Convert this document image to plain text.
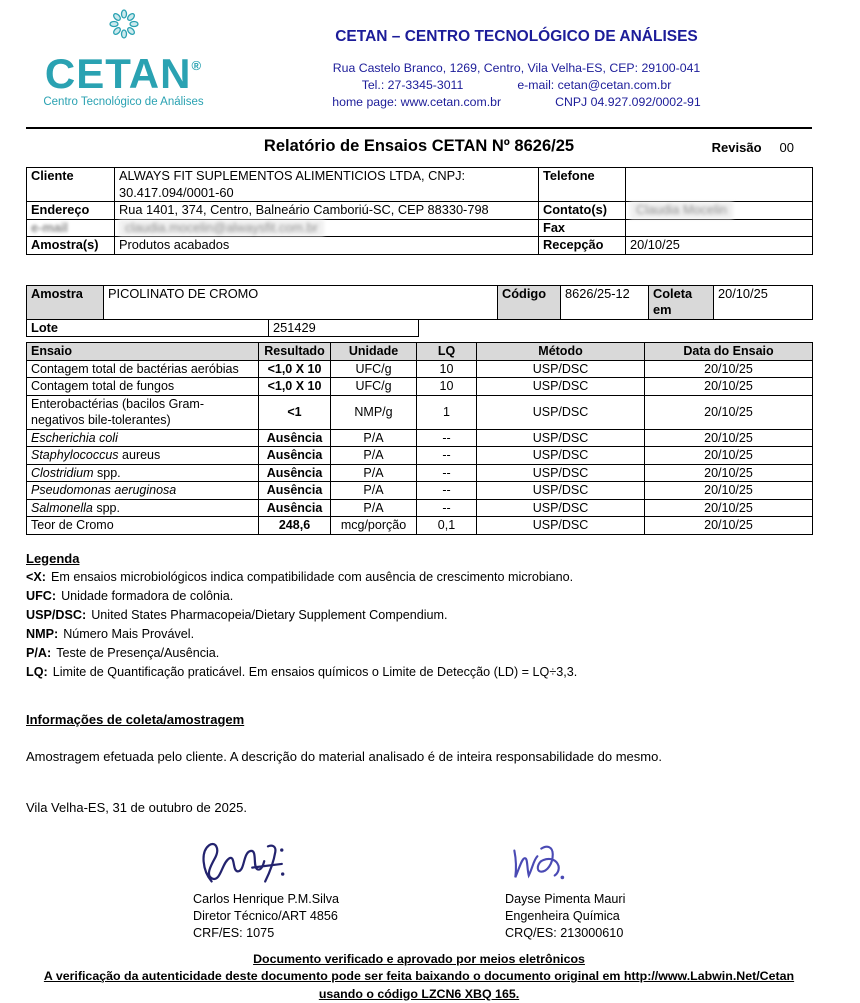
CETAN®
Centro Tecnológico de Análises
CETAN – CENTRO TECNOLÓGICO DE ANÁLISES
Rua Castelo Branco, 1269, Centro, Vila Velha-ES, CEP: 29100-041
Tel.: 27-3345-3011	e-mail: cetan@cetan.com.br
home page: www.cetan.com.br	CNPJ 04.927.092/0002-91
Relatório de Ensaios CETAN Nº 8626/25	Revisão 00
Cliente	ALWAYS FIT SUPLEMENTOS ALIMENTICIOS LTDA, CNPJ: 30.417.094/0001-60	Telefone	
Endereço	Rua 1401, 374, Centro, Balneário Camboriú-SC, CEP 88330-798	Contato(s)	Claudia Mocelin
e-mail	claudia.mocelin@alwaysfit.com.br	Fax	
Amostra(s)	Produtos acabados	Recepção	20/10/25
Amostra	PICOLINATO DE CROMO	Código	8626/25-12	Coleta em	20/10/25
Lote	251429
Ensaio	Resultado	Unidade	LQ	Método	Data do Ensaio
Contagem total de bactérias aeróbias	<1,0 X 10	UFC/g	10	USP/DSC	20/10/25
Contagem total de fungos	<1,0 X 10	UFC/g	10	USP/DSC	20/10/25
Enterobactérias (bacilos Gram-negativos bile-tolerantes)	<1	NMP/g	1	USP/DSC	20/10/25
Escherichia coli	Ausência	P/A	--	USP/DSC	20/10/25
Staphylococcus aureus	Ausência	P/A	--	USP/DSC	20/10/25
Clostridium spp.	Ausência	P/A	--	USP/DSC	20/10/25
Pseudomonas aeruginosa	Ausência	P/A	--	USP/DSC	20/10/25
Salmonella spp.	Ausência	P/A	--	USP/DSC	20/10/25
Teor de Cromo	248,6	mcg/porção	0,1	USP/DSC	20/10/25
Legenda
<X: Em ensaios microbiológicos indica compatibilidade com ausência de crescimento microbiano.
UFC: Unidade formadora de colônia.
USP/DSC: United States Pharmacopeia/Dietary Supplement Compendium.
NMP: Número Mais Provável.
P/A: Teste de Presença/Ausência.
LQ: Limite de Quantificação praticável. Em ensaios químicos o Limite de Detecção (LD) = LQ÷3,3.
Informações de coleta/amostragem

Amostragem efetuada pelo cliente. A descrição do material analisado é de inteira responsabilidade do mesmo.

Vila Velha-ES, 31 de outubro de 2025.
Carlos Henrique P.M.Silva
Diretor Técnico/ART 4856
CRF/ES: 1075
Dayse Pimenta Mauri
Engenheira Química
CRQ/ES: 213000610
Documento verificado e aprovado por meios eletrônicos
A verificação da autenticidade deste documento pode ser feita baixando o documento original em http://www.Labwin.Net/Cetan
usando o código LZCN6 XBQ 165.
